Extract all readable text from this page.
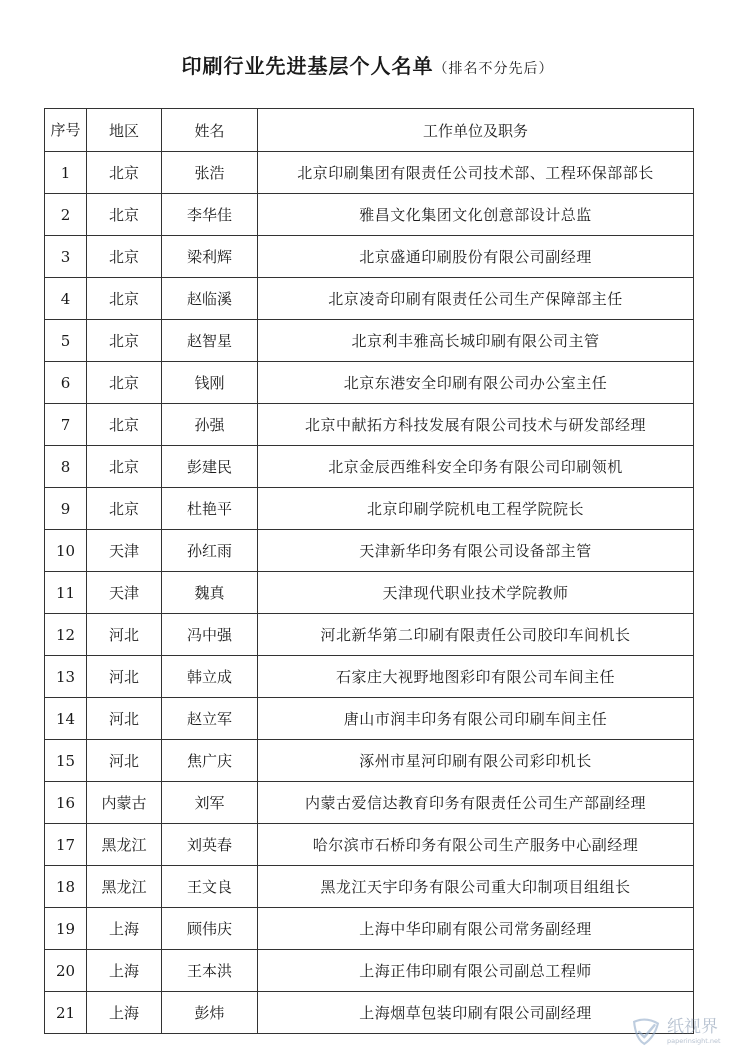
印刷行业先进基层个人名单（排名不分先后）
序号	地区	姓名	工作单位及职务
1	北京	张浩	北京印刷集团有限责任公司技术部、工程环保部部长
2	北京	李华佳	雅昌文化集团文化创意部设计总监
3	北京	梁利辉	北京盛通印刷股份有限公司副经理
4	北京	赵临溪	北京凌奇印刷有限责任公司生产保障部主任
5	北京	赵智星	北京利丰雅高长城印刷有限公司主管
6	北京	钱刚	北京东港安全印刷有限公司办公室主任
7	北京	孙强	北京中献拓方科技发展有限公司技术与研发部经理
8	北京	彭建民	北京金辰西维科安全印务有限公司印刷领机
9	北京	杜艳平	北京印刷学院机电工程学院院长
10	天津	孙红雨	天津新华印务有限公司设备部主管
11	天津	魏真	天津现代职业技术学院教师
12	河北	冯中强	河北新华第二印刷有限责任公司胶印车间机长
13	河北	韩立成	石家庄大视野地图彩印有限公司车间主任
14	河北	赵立军	唐山市润丰印务有限公司印刷车间主任
15	河北	焦广庆	涿州市星河印刷有限公司彩印机长
16	内蒙古	刘军	内蒙古爱信达教育印务有限责任公司生产部副经理
17	黑龙江	刘英春	哈尔滨市石桥印务有限公司生产服务中心副经理
18	黑龙江	王文良	黑龙江天宇印务有限公司重大印制项目组组长
19	上海	顾伟庆	上海中华印刷有限公司常务副经理
20	上海	王本洪	上海正伟印刷有限公司副总工程师
21	上海	彭炜	上海烟草包装印刷有限公司副经理
纸视界
paperinsight.net
